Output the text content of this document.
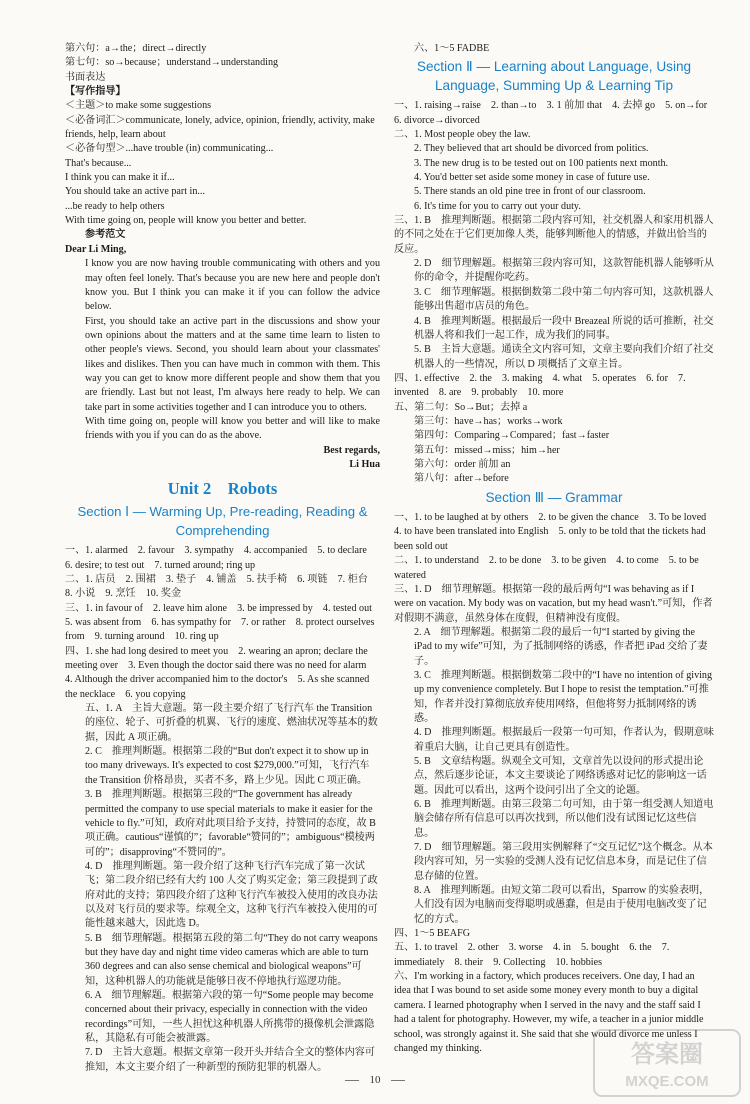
第六句：a→the；direct→directly

第七句：so→because；understand→understanding

书面表达

【写作指导】

＜主题＞to make some suggestions

＜必备词汇＞communicate, lonely, advice, opinion, friendly, activity, make friends, help, learn about

＜必备句型＞...have trouble (in) communicating...

That's because...

I think you can make it if...

You should take an active part in...

...be ready to help others

With time going on, people will know you better and better.

参考范文

Dear Li Ming,

I know you are now having trouble communicating with others and you may often feel lonely. That's because you are new here and people don't know you. But I think you can make it if you can follow the advice below.

First, you should take an active part in the discussions and show your own opinions about the matters and at the same time learn to listen to other people's views. Second, you should learn about your classmates' likes and dislikes. Then you can have much in common with them. This way you can get to know more different people and show them that you are friendly. Last but not least, I'm always here ready to help. We can take part in some activities together and I can introduce you to others.

With time going on, people will know you better and will like to make friends with you if you can do as the above.

Best regards,

Li Hua

Unit 2　Robots

Section Ⅰ — Warming Up, Pre-reading, Reading & Comprehending

一、1. alarmed　2. favour　3. sympathy　4. accompanied　5. to declare　6. desire; to test out　7. turned around; ring up

二、1. 店员　2. 围裙　3. 垫子　4. 铺盖　5. 扶手椅　6. 项链　7. 柜台　8. 小说　9. 烹饪　10. 奖金

三、1. in favour of　2. leave him alone　3. be impressed by　4. tested out　5. was absent from　6. has sympathy for　7. or rather　8. protect ourselves from　9. turning around　10. ring up

四、1. she had long desired to meet you　2. wearing an apron; declare the meeting over　3. Even though the doctor said there was no need for alarm　4. Although the driver accompanied him to the doctor's　5. As she scanned the necklace　6. you copying

五、1. A　主旨大意题。第一段主要介绍了飞行汽车 the Transition 的座位、轮子、可折叠的机翼、飞行的速度、燃油状况等基本的数据，因此 A 项正确。

2. C　推理判断题。根据第二段的“But don't expect it to show up in too many driveways. It's expected to cost $279,000.”可知，飞行汽车 the Transition 价格昂贵，买者不多，路上少见。因此 C 项正确。

3. B　推理判断题。根据第三段的“The government has already permitted the company to use special materials to make it easier for the vehicle to fly.”可知，政府对此项目给予支持，持赞同的态度，故 B 项正确。cautious“谨慎的”；favorable“赞同的”；ambiguous“模棱两可的”；disapproving“不赞同的”。

4. D　推理判断题。第一段介绍了这种飞行汽车完成了第一次试飞；第二段介绍已经有大约 100 人交了购买定金；第三段提到了政府对此的支持；第四段介绍了这种飞行汽车被投入使用的改良办法以及对飞行员的要求等。综观全文，这种飞行汽车被投入使用的可能性越来越大，因此选 D。

5. B　细节理解题。根据第五段的第二句“They do not carry weapons but they have day and night time video cameras which are able to turn 360 degrees and can also sense chemical and biological weapons”可知，这种机器人的功能就是能够日夜不停地执行巡逻功能。

6. A　细节理解题。根据第六段的第一句“Some people may become concerned about their privacy, especially in connection with the video recordings”可知，一些人担忧这种机器人所携带的摄像机会泄露隐私，其隐私有可能会被泄露。

7. D　主旨大意题。根据文章第一段开头并结合全文的整体内容可推知，本文主要介绍了一种新型的预防犯罪的机器人。

六、1～5 FADBE

Section Ⅱ — Learning about Language, Using Language, Summing Up & Learning Tip

一、1. raising→raise　2. than→to　3. 1 前加 that　4. 去掉 go　5. on→for　6. divorce→divorced

二、1. Most people obey the law.

2. They believed that art should be divorced from politics.

3. The new drug is to be tested out on 100 patients next month.

4. You'd better set aside some money in case of future use.

5. There stands an old pine tree in front of our classroom.

6. It's time for you to carry out your duty.

三、1. B　推理判断题。根据第二段内容可知，社交机器人和家用机器人的不同之处在于它们更加像人类，能够判断他人的情感，并做出恰当的反应。

2. D　细节理解题。根据第三段内容可知，这款智能机器人能够听从你的命令，并提醒你吃药。

3. C　细节理解题。根据倒数第二段中第二句内容可知，这款机器人能够出售超市店员的角色。

4. B　推理判断题。根据最后一段中 Breazeal 所说的话可推断，社交机器人将和我们一起工作，成为我们的同事。

5. B　主旨大意题。通读全文内容可知，文章主要向我们介绍了社交机器人的一些情况，所以 D 项概括了文章主旨。

四、1. effective　2. the　3. making　4. what　5. operates　6. for　7. invented　8. are　9. probably　10. more

五、第二句：So→But；去掉 a

第三句：have→has；works→work

第四句：Comparing→Compared；fast→faster

第五句：missed→miss；him→her

第六句：order 前加 an

第八句：after→before

Section Ⅲ — Grammar

一、1. to be laughed at by others　2. to be given the chance　3. To be loved　4. to have been translated into English　5. only to be told that the tickets had been sold out

二、1. to understand　2. to be done　3. to be given　4. to come　5. to be watered

三、1. D　细节理解题。根据第一段的最后两句“I was behaving as if I were on vacation. My body was on vacation, but my head wasn't.”可知，作者对假期不满意，虽然身体在度假，但精神没有度假。

2. A　细节理解题。根据第二段的最后一句“I started by giving the iPad to my wife”可知，为了抵制网络的诱惑，作者把 iPad 交给了妻子。

3. C　推理判断题。根据倒数第二段中的“I have no intention of giving up my convenience completely. But I hope to resist the temptation.”可推知，作者并没打算彻底放弃使用网络，但他将努力抵制网络的诱惑。

4. D　推理判断题。根据最后一段第一句可知，作者认为，假期意味着重启大脑，让自己更具有创造性。

5. B　文章结构题。纵观全文可知，文章首先以设问的形式提出论点，然后逐步论证，本文主要谈论了网络诱惑对记忆的影响这一话题。因此可以看出，这两个设问引出了全文的论题。

6. B　推理判断题。由第三段第二句可知，由于第一组受测人知道电脑会储存所有信息可以再次找到，所以他们没有试图记忆这些信息。

7. D　细节理解题。第三段用实例解释了“交互记忆”这个概念。从本段内容可知，另一实验的受测人没有记忆信息本身，而是记住了信息存储的位置。

8. A　推理判断题。由短文第二段可以看出，Sparrow 的实验表明，人们没有因为电脑而变得聪明或愚蠢，但是由于使用电脑改变了记忆的方式。

四、1～5 BEAFG

五、1. to travel　2. other　3. worse　4. in　5. bought　6. the　7. immediately　8. their　9. Collecting　10. hobbies

六、I'm working in a factory, which produces receivers. One day, I had an idea that I was bound to set aside some money every month to buy a digital camera. I learned photography when I served in the navy and the staff said I had a talent for photography. However, my wife, a teacher in a junior middle school, was strongly against it. She said that she would divorce me unless I changed my thinking.

10
答案圈
MXQE.COM
